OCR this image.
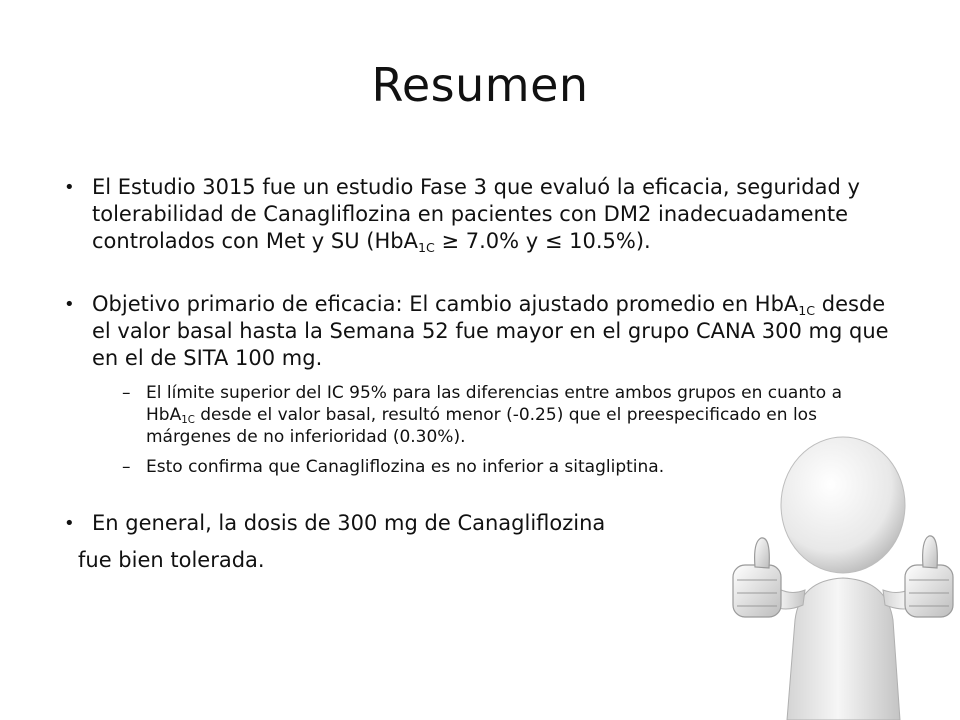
Resumen
• El Estudio 3015 fue un estudio Fase 3 que evaluó la eficacia, seguridad y tolerabilidad de Canagliflozina en pacientes con DM2 inadecuadamente controlados con Met y SU (HbA$_{1C}$ ≥ 7.0% y ≤ 10.5%).
• Objetivo primario de eficacia: El cambio ajustado promedio en HbA$_{1C}$ desde el valor basal hasta la Semana 52 fue mayor en el grupo CANA 300 mg que en el de SITA 100 mg.
– El límite superior del IC 95% para las diferencias entre ambos grupos en cuanto a HbA$_{1C}$ desde el valor basal, resultó menor (-0.25) que el preespecificado en los márgenes de no inferioridad (0.30%).
– Esto confirma que Canagliflozina es no inferior a sitagliptina.
• En general, la dosis de 300 mg de Canagliflozina
fue bien tolerada.
